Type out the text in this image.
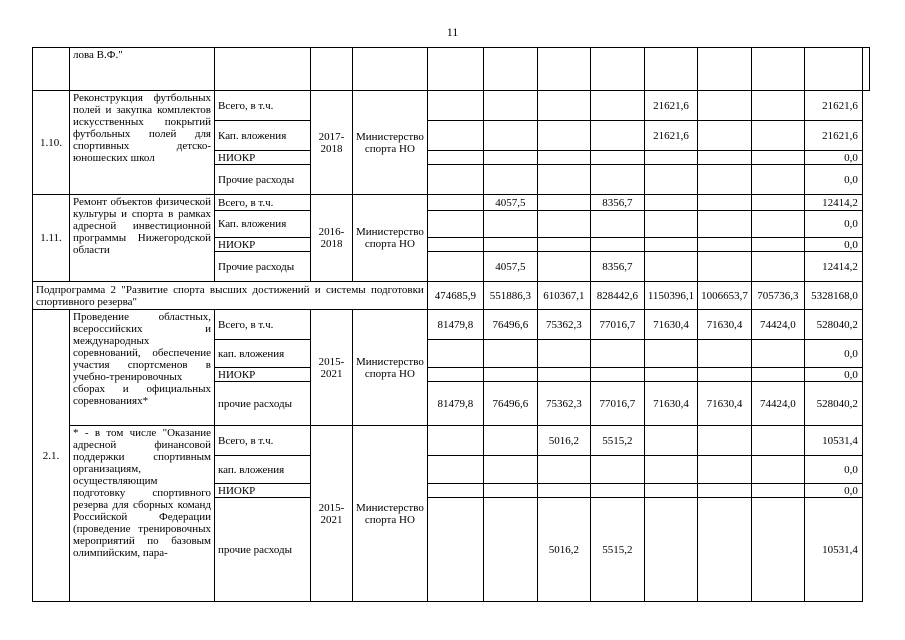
11
	лова В.Ф."												
1.10.	Реконструкция футбольных полей и закупка комплектов искусственных покрытий футбольных полей для спортивных детско-юношеских школ	Всего, в т.ч.	2017-2018	Министерство спорта НО					21621,6			21621,6	
		Кап. вложения							21621,6			21621,6	
		НИОКР										0,0	
		Прочие расходы										0,0	
1.11.	Ремонт объектов физической культуры и спорта в рамках адресной инвестиционной программы Нижегородской области	Всего, в т.ч.	2016-2018	Министерство спорта НО		4057,5		8356,7				12414,2	
		Кап. вложения										0,0	
		НИОКР										0,0	
		Прочие расходы				4057,5		8356,7				12414,2	
Подпрограмма 2 "Развитие спорта высших достижений и системы подготовки спортивного резерва"					474685,9	551886,3	610367,1	828442,6	1150396,1	1006653,7	705736,3	5328168,0	
2.1.	Проведение областных, всероссийских и международных соревнований, обеспечение участия спортсменов в учебно-тренировочных сборах и официальных соревнованиях*	Всего, в т.ч.	2015-2021	Министерство спорта НО	81479,8	76496,6	75362,3	77016,7	71630,4	71630,4	74424,0	528040,2	
		кап. вложения										0,0	
		НИОКР										0,0	
		прочие расходы			81479,8	76496,6	75362,3	77016,7	71630,4	71630,4	74424,0	528040,2	
	* - в том числе "Оказание адресной финансовой поддержки спортивным организациям, осуществляющим подготовку спортивного резерва для сборных команд Российской Федерации (проведение тренировочных мероприятий по базовым олимпийским, пара-	Всего, в т.ч.	2015-2021	Министерство спорта НО			5016,2	5515,2				10531,4	
		кап. вложения										0,0	
		НИОКР										0,0	
		прочие расходы					5016,2	5515,2				10531,4	
